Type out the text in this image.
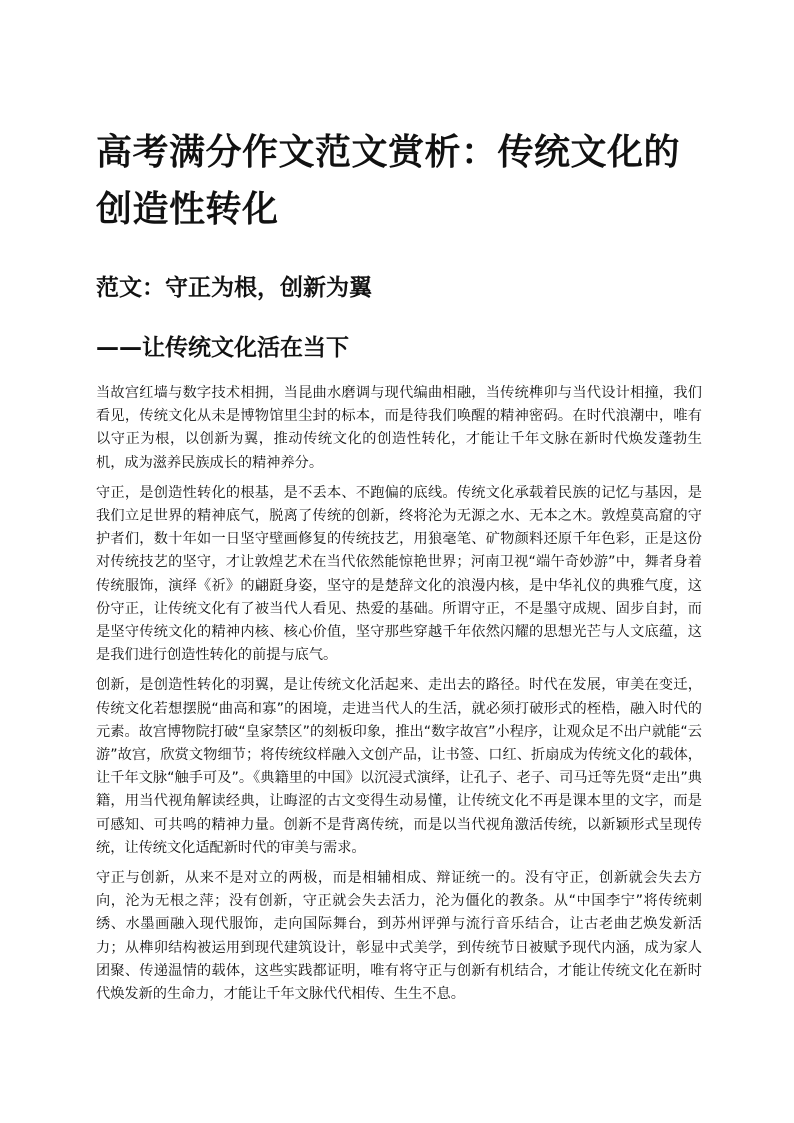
高考满分作文范文赏析：传统文化的创造性转化
范文：守正为根，创新为翼
——让传统文化活在当下

当故宫红墙与数字技术相拥，当昆曲水磨调与现代编曲相融，当传统榫卯与当代设计相撞，我们看见，传统文化从未是博物馆里尘封的标本，而是待我们唤醒的精神密码。在时代浪潮中，唯有以守正为根，以创新为翼，推动传统文化的创造性转化，才能让千年文脉在新时代焕发蓬勃生机，成为滋养民族成长的精神养分。

守正，是创造性转化的根基，是不丢本、不跑偏的底线。传统文化承载着民族的记忆与基因，是我们立足世界的精神底气，脱离了传统的创新，终将沦为无源之水、无本之木。敦煌莫高窟的守护者们，数十年如一日坚守壁画修复的传统技艺，用狼毫笔、矿物颜料还原千年色彩，正是这份对传统技艺的坚守，才让敦煌艺术在当代依然能惊艳世界；河南卫视“端午奇妙游”中，舞者身着传统服饰，演绎《祈》的翩跹身姿，坚守的是楚辞文化的浪漫内核，是中华礼仪的典雅气度，这份守正，让传统文化有了被当代人看见、热爱的基础。所谓守正，不是墨守成规、固步自封，而是坚守传统文化的精神内核、核心价值，坚守那些穿越千年依然闪耀的思想光芒与人文底蕴，这是我们进行创造性转化的前提与底气。

创新，是创造性转化的羽翼，是让传统文化活起来、走出去的路径。时代在发展，审美在变迁，传统文化若想摆脱“曲高和寡”的困境，走进当代人的生活，就必须打破形式的桎梏，融入时代的元素。故宫博物院打破“皇家禁区”的刻板印象，推出“数字故宫”小程序，让观众足不出户就能“云游”故宫，欣赏文物细节；将传统纹样融入文创产品，让书签、口红、折扇成为传统文化的载体，让千年文脉“触手可及”。《典籍里的中国》以沉浸式演绎，让孔子、老子、司马迁等先贤“走出”典籍，用当代视角解读经典，让晦涩的古文变得生动易懂，让传统文化不再是课本里的文字，而是可感知、可共鸣的精神力量。创新不是背离传统，而是以当代视角激活传统，以新颖形式呈现传统，让传统文化适配新时代的审美与需求。

守正与创新，从来不是对立的两极，而是相辅相成、辩证统一的。没有守正，创新就会失去方向，沦为无根之萍；没有创新，守正就会失去活力，沦为僵化的教条。从“中国李宁”将传统刺绣、水墨画融入现代服饰，走向国际舞台，到苏州评弹与流行音乐结合，让古老曲艺焕发新活力；从榫卯结构被运用到现代建筑设计，彰显中式美学，到传统节日被赋予现代内涵，成为家人团聚、传递温情的载体，这些实践都证明，唯有将守正与创新有机结合，才能让传统文化在新时代焕发新的生命力，才能让千年文脉代代相传、生生不息。
